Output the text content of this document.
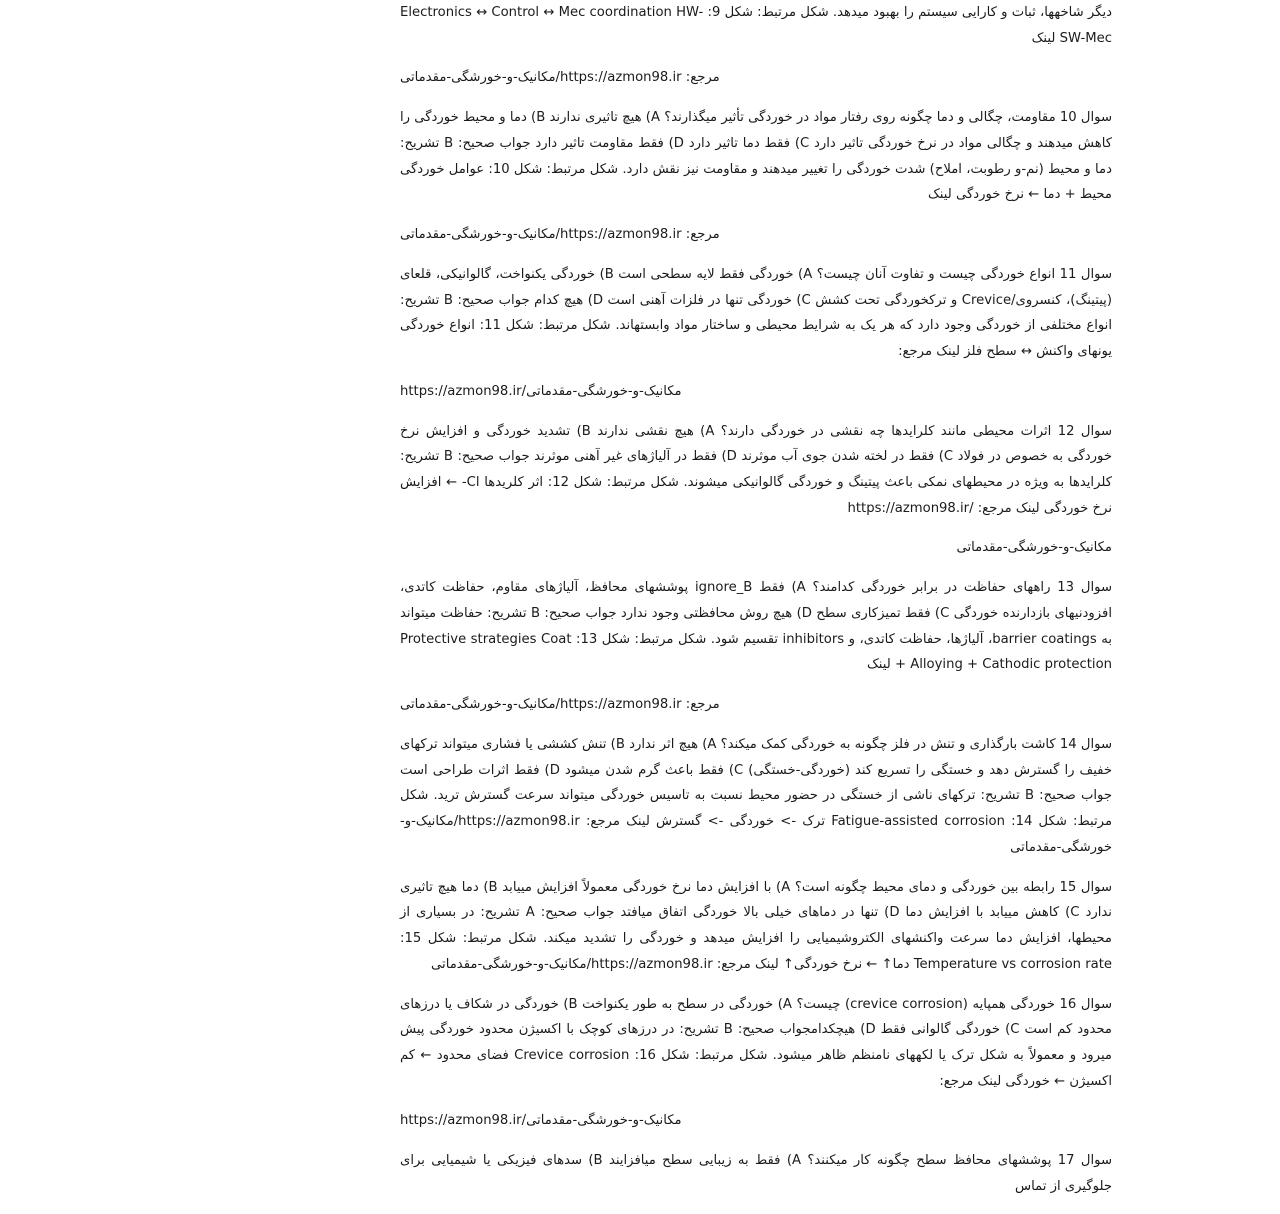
دیگر شاخهها، ثبات و کارایی سیستم را بهبود میدهد. شکل مرتبط: شکل 9: Electronics ↔ Control ↔ Mec coordination HW-SW-Mec لینک

مرجع: https://azmon98.ir/مکانیک-و-خورشگی-مقدماتی

سوال 10 مقاومت، چگالی و دما چگونه روی رفتار مواد در خوردگی تأثیر میگذارند؟ A) هیچ تاثیری ندارند B) دما و محیط خوردگی را کاهش میدهند و چگالی مواد در نرخ خوردگی تاثیر دارد C) فقط دما تاثیر دارد D) فقط مقاومت تاثیر دارد جواب صحیح: B تشریح: دما و محیط (نم-و رطوبت، املاح) شدت خوردگی را تغییر میدهند و مقاومت نیز نقش دارد. شکل مرتبط: شکل 10: عوامل خوردگی محیط + دما ← نرخ خوردگی لینک

مرجع: https://azmon98.ir/مکانیک-و-خورشگی-مقدماتی

سوال 11 انواع خوردگی چیست و تفاوت آنان چیست؟ A) خوردگی فقط لایه سطحی است B) خوردگی یکنواخت، گالوانیکی، قلعای (پیتینگ)، کنسروی/Crevice و ترکخوردگی تحت کشش C) خوردگی تنها در فلزات آهنی است D) هیچ کدام جواب صحیح: B تشریح: انواع مختلفی از خوردگی وجود دارد که هر یک به شرایط محیطی و ساختار مواد وابستهاند. شکل مرتبط: شکل 11: انواع خوردگی یونهای واکنش ↔ سطح فلز لینک مرجع:

https://azmon98.ir/مکانیک-و-خورشگی-مقدماتی

سوال 12 اثرات محیطی مانند کلرایدها چه نقشی در خوردگی دارند؟ A) هیچ نقشی ندارند B) تشدید خوردگی و افزایش نرخ خوردگی به خصوص در فولاد C) فقط در لخته شدن جوی آب موثرند D) فقط در آلیاژهای غیر آهنی موثرند جواب صحیح: B تشریح: کلرایدها به ویژه در محیطهای نمکی باعث پیتینگ و خوردگی گالوانیکی میشوند. شکل مرتبط: شکل 12: اثر کلریدها Cl- ← افزایش نرخ خوردگی لینک مرجع: /https://azmon98.ir

مکانیک-و-خورشگی-مقدماتی

سوال 13 راههای حفاظت در برابر خوردگی کدامند؟ A) فقط ignore_B پوششهای محافظ، آلیاژهای مقاوم، حفاظت کاتدی، افزودنیهای بازدارنده خوردگی C) فقط تمیزکاری سطح D) هیچ روش محافظتی وجود ندارد جواب صحیح: B تشریح: حفاظت میتواند به barrier coatings، آلیاژها، حفاظت کاتدی، و inhibitors تقسیم شود. شکل مرتبط: شکل 13: Protective strategies Coat + Alloying + Cathodic protection لینک

مرجع: https://azmon98.ir/مکانیک-و-خورشگی-مقدماتی

سوال 14 کاشت بارگذاری و تنش در فلز چگونه به خوردگی کمک میکند؟ A) هیچ اثر ندارد B) تنش کششی یا فشاری میتواند ترکهای خفیف را گسترش دهد و خستگی را تسریع کند (خوردگی-خستگی) C) فقط باعث گرم شدن میشود D) فقط اثرات طراحی است جواب صحیح: B تشریح: ترکهای ناشی از خستگی در حضور محیط نسبت به تاسیس خوردگی میتواند سرعت گسترش ترید. شکل مرتبط: شکل 14: Fatigue-assisted corrosion ترک -> خوردگی -> گسترش لینک مرجع: https://azmon98.ir/مکانیک-و-خورشگی-مقدماتی

سوال 15 رابطه بین خوردگی و دمای محیط چگونه است؟ A) با افزایش دما نرخ خوردگی معمولاً افزایش مییابد B) دما هیچ تاثیری ندارد C) کاهش مییابد با افزایش دما D) تنها در دماهای خیلی بالا خوردگی اتفاق میافتد جواب صحیح: A تشریح: در بسیاری از محیطها، افزایش دما سرعت واکنشهای الکتروشیمیایی را افزایش میدهد و خوردگی را تشدید میکند. شکل مرتبط: شکل 15: Temperature vs corrosion rate دما↑ ← نرخ خوردگی↑ لینک مرجع: https://azmon98.ir/مکانیک-و-خورشگی-مقدماتی

سوال 16 خوردگی همپایه (crevice corrosion) چیست؟ A) خوردگی در سطح به طور یکنواخت B) خوردگی در شکاف یا درزهای محدود کم است C) خوردگی گالوانی فقط D) هیچکدامجواب صحیح: B تشریح: در درزهای کوچک با اکسیژن محدود خوردگی پیش میرود و معمولاً به شکل ترک یا لکههای نامنظم ظاهر میشود. شکل مرتبط: شکل 16: Crevice corrosion فضای محدود ← کم اکسیژن ← خوردگی لینک مرجع:

https://azmon98.ir/مکانیک-و-خورشگی-مقدماتی

سوال 17 پوششهای محافظ سطح چگونه کار میکنند؟ A) فقط به زیبایی سطح میافزایند B) سدهای فیزیکی یا شیمیایی برای جلوگیری از تماس
